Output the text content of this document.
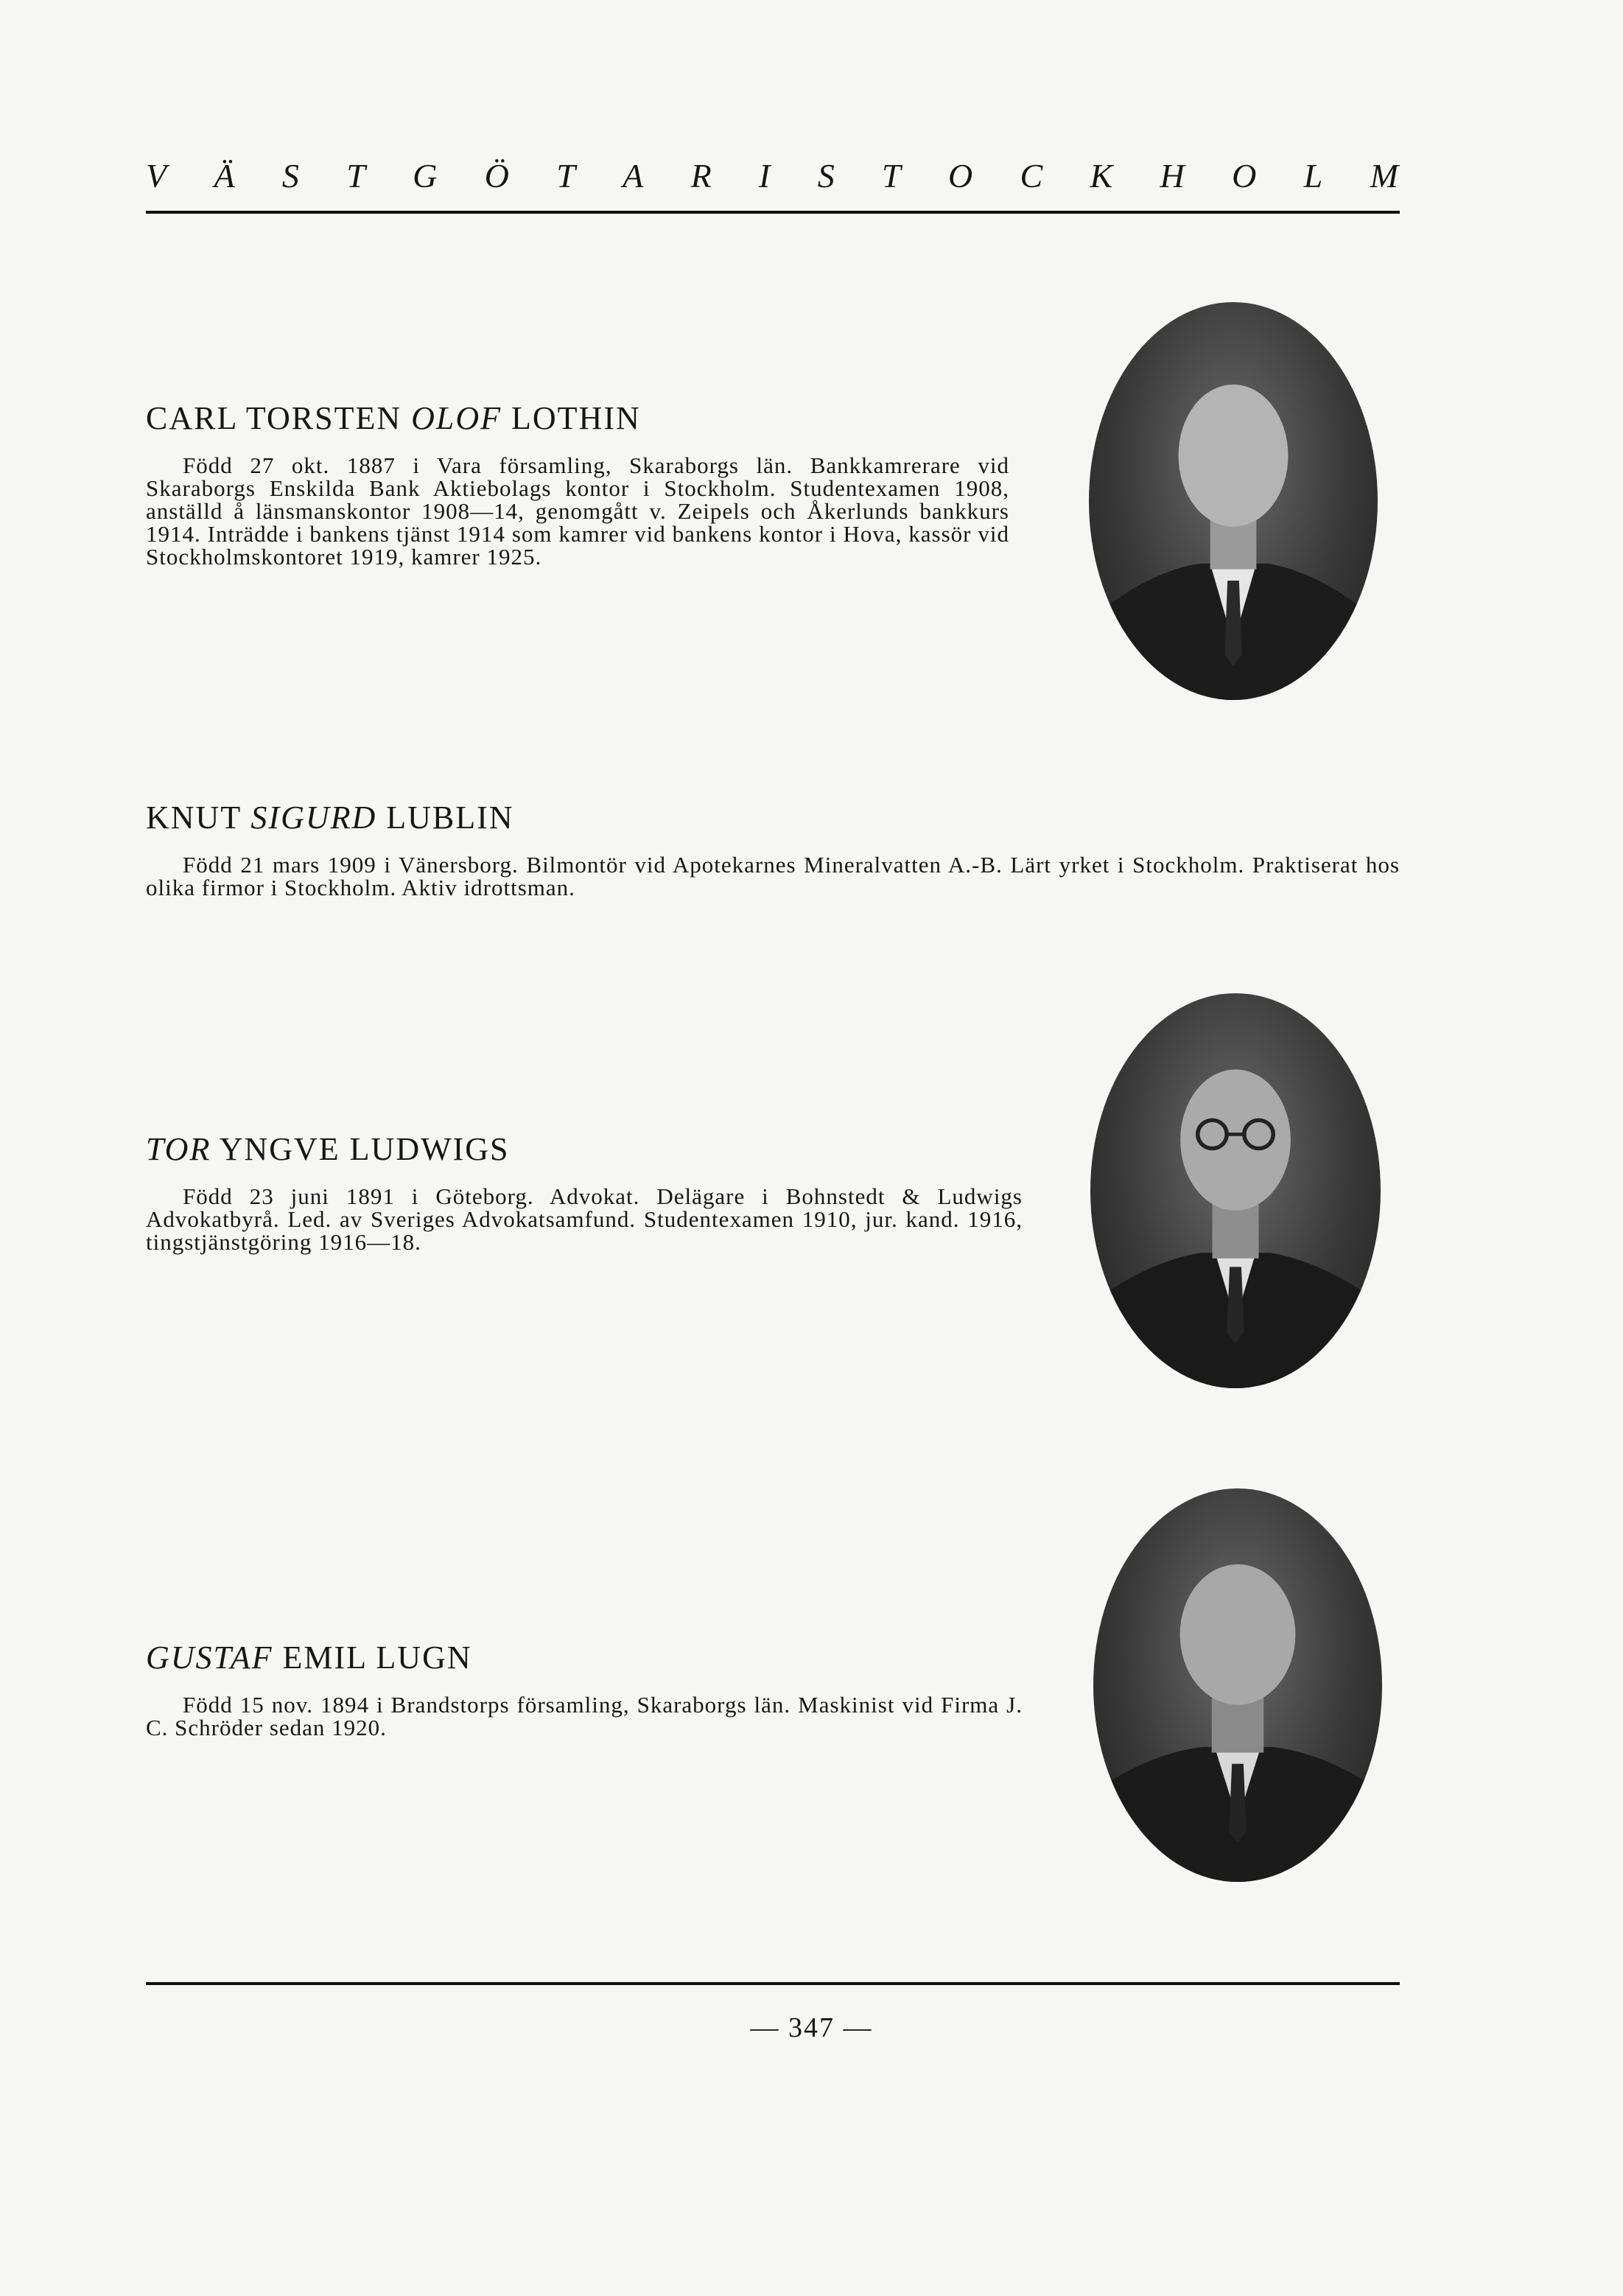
V Ä S T G Ö T A R I S T O C K H O L M
CARL TORSTEN OLOF LOTHIN

Född 27 okt. 1887 i Vara församling, Skaraborgs län. Bankkamrerare vid Skaraborgs Enskilda Bank Aktiebolags kontor i Stockholm. Studentexamen 1908, anställd å länsmanskontor 1908—14, genomgått v. Zeipels och Åkerlunds bankkurs 1914. Inträdde i bankens tjänst 1914 som kamrer vid bankens kontor i Hova, kassör vid Stockholmskontoret 1919, kamrer 1925.

KNUT SIGURD LUBLIN

Född 21 mars 1909 i Vänersborg. Bilmontör vid Apotekarnes Mineralvatten A.-B. Lärt yrket i Stockholm. Praktiserat hos olika firmor i Stockholm. Aktiv idrottsman.

TOR YNGVE LUDWIGS

Född 23 juni 1891 i Göteborg. Advokat. Delägare i Bohnstedt & Ludwigs Advokatbyrå. Led. av Sveriges Advokatsamfund. Studentexamen 1910, jur. kand. 1916, tingstjänstgöring 1916—18.

GUSTAF EMIL LUGN

Född 15 nov. 1894 i Brandstorps församling, Skaraborgs län. Maskinist vid Firma J. C. Schröder sedan 1920.

— 347 —
